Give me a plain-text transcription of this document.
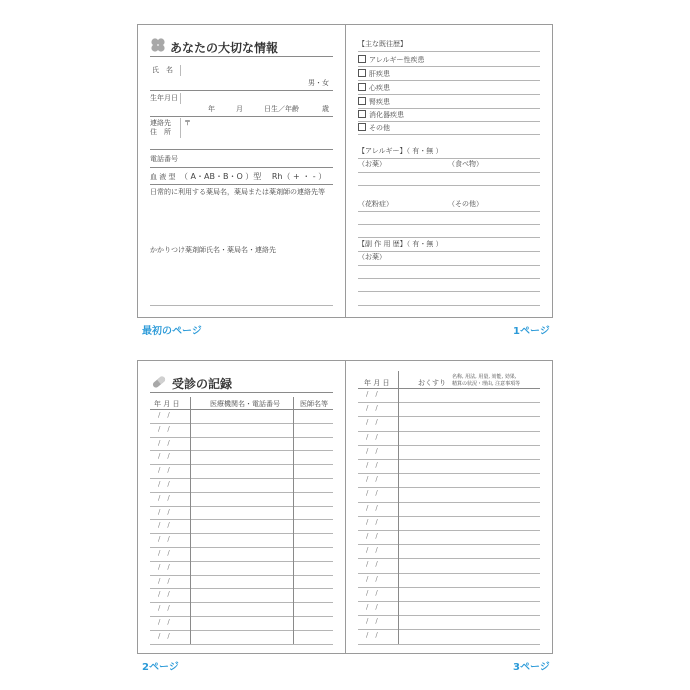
あなたの大切な情報
氏　名
男・女
生年月日
年	月	日生／年齢	歳
連絡先
住　所
〒
電話番号
血 液 型 （ A・AB・B・O ）型　 Rh（ + ・ - ）
日常的に利用する薬局名，薬局または薬剤師の連絡先等
かかりつけ薬剤師氏名・薬局名・連絡先
【主な既往歴】
アレルギー性疾患
肝疾患
心疾患
腎疾患
消化器疾患
その他
【アレルギー】（ 有・無 ）
（お薬）	（食べ物）
（花粉症）	（その他）
【副 作 用 歴】（ 有・無 ）
（お薬）
最初のページ	1ページ
受診の記録
年 月 日	医療機関名・電話番号	医師名等
/　/
/　/
/　/
/　/
/　/
/　/
/　/
/　/
/　/
/　/
/　/
/　/
/　/
/　/
/　/
/　/
/　/
年 月 日	おくすり
名称, 用法, 用量, 効能, 効果,
精算の状況・理由, 注意事項等
/　/
/　/
/　/
/　/
/　/
/　/
/　/
/　/
/　/
/　/
/　/
/　/
/　/
/　/
/　/
/　/
/　/
/　/
2ページ	3ページ
